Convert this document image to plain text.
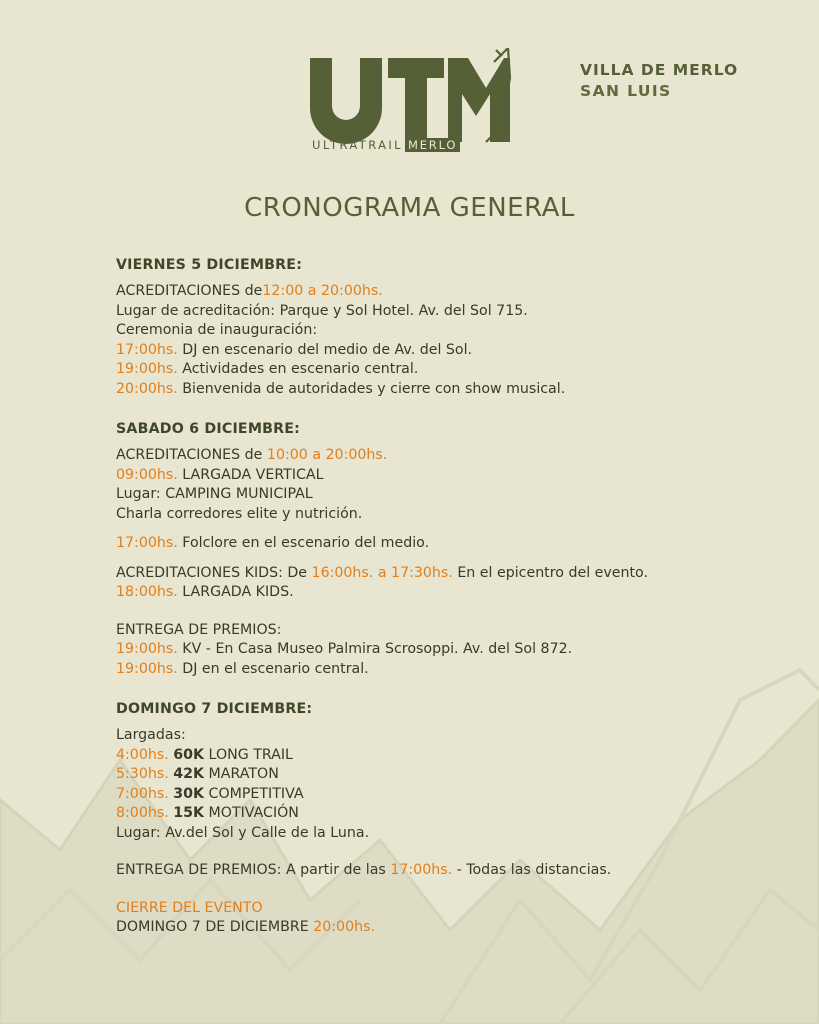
ULTRATRAIL MERLO
VILLA DE MERLO
SAN LUIS
CRONOGRAMA GENERAL
VIERNES 5 DICIEMBRE:
ACREDITACIONES de12:00 a 20:00hs.
Lugar de acreditación: Parque y Sol Hotel. Av. del Sol 715.
Ceremonia de inauguración:
17:00hs. DJ en escenario del medio de Av. del Sol.
19:00hs. Actividades en escenario central.
20:00hs. Bienvenida de autoridades y cierre con show musical.
SABADO 6 DICIEMBRE:
ACREDITACIONES de 10:00 a 20:00hs.
09:00hs. LARGADA VERTICAL
Lugar: CAMPING MUNICIPAL
Charla corredores elite y nutrición.
17:00hs. Folclore en el escenario del medio.
ACREDITACIONES KIDS: De 16:00hs. a 17:30hs. En el epicentro del evento.
18:00hs. LARGADA KIDS.
ENTREGA DE PREMIOS:
19:00hs. KV - En Casa Museo Palmira Scrosoppi. Av. del Sol 872.
19:00hs. DJ en el escenario central.
DOMINGO 7 DICIEMBRE:
Largadas:
4:00hs. 60K LONG TRAIL
5:30hs. 42K MARATON
7:00hs. 30K COMPETITIVA
8:00hs. 15K MOTIVACIÓN
Lugar: Av.del Sol y Calle de la Luna.
ENTREGA DE PREMIOS: A partir de las 17:00hs. - Todas las distancias.
CIERRE DEL EVENTO
DOMINGO 7 DE DICIEMBRE 20:00hs.
